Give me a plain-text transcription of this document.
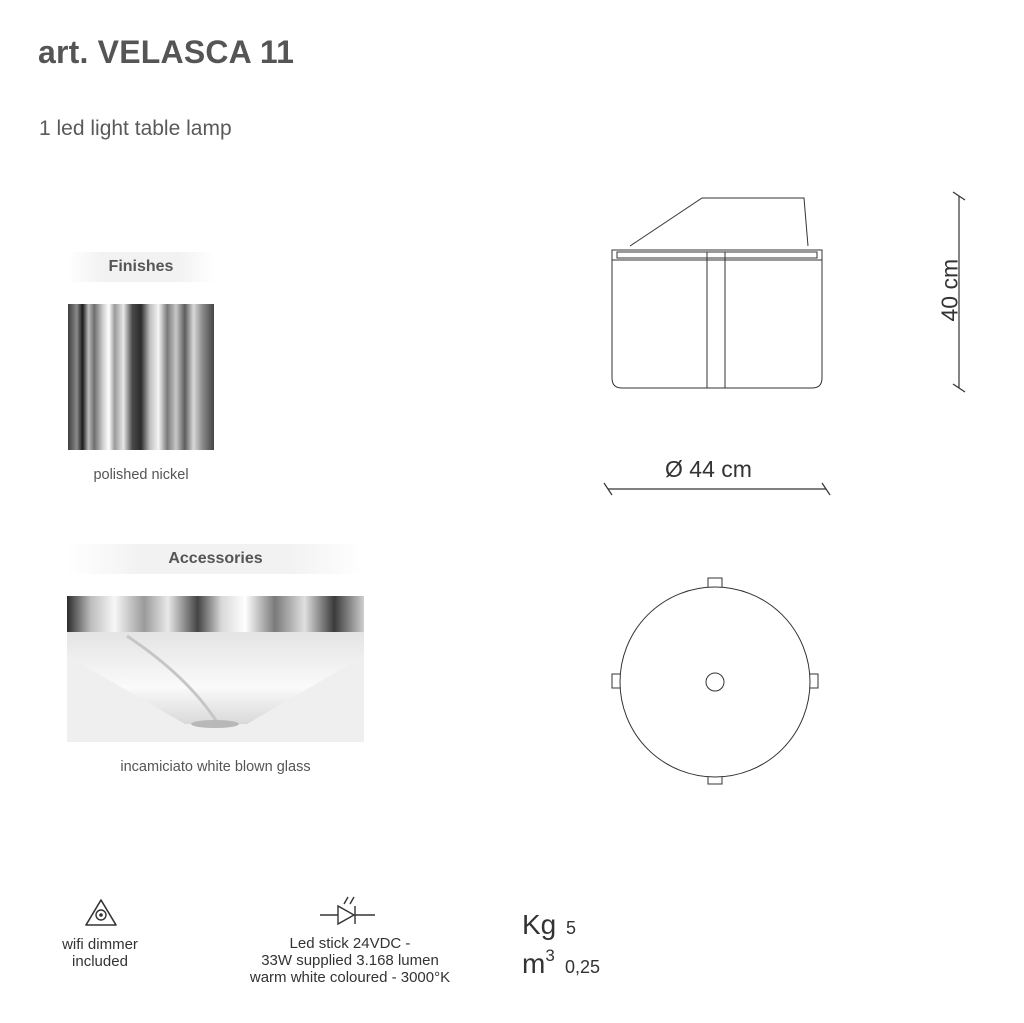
art. VELASCA 11
1 led light table lamp
Finishes
polished nickel
Accessories
incamiciato white blown glass
Ø 44 cm
40 cm
wifi dimmer
included
Led stick 24VDC -
33W supplied 3.168 lumen
warm white coloured - 3000°K
Kg 5
$m^3$
0,25
